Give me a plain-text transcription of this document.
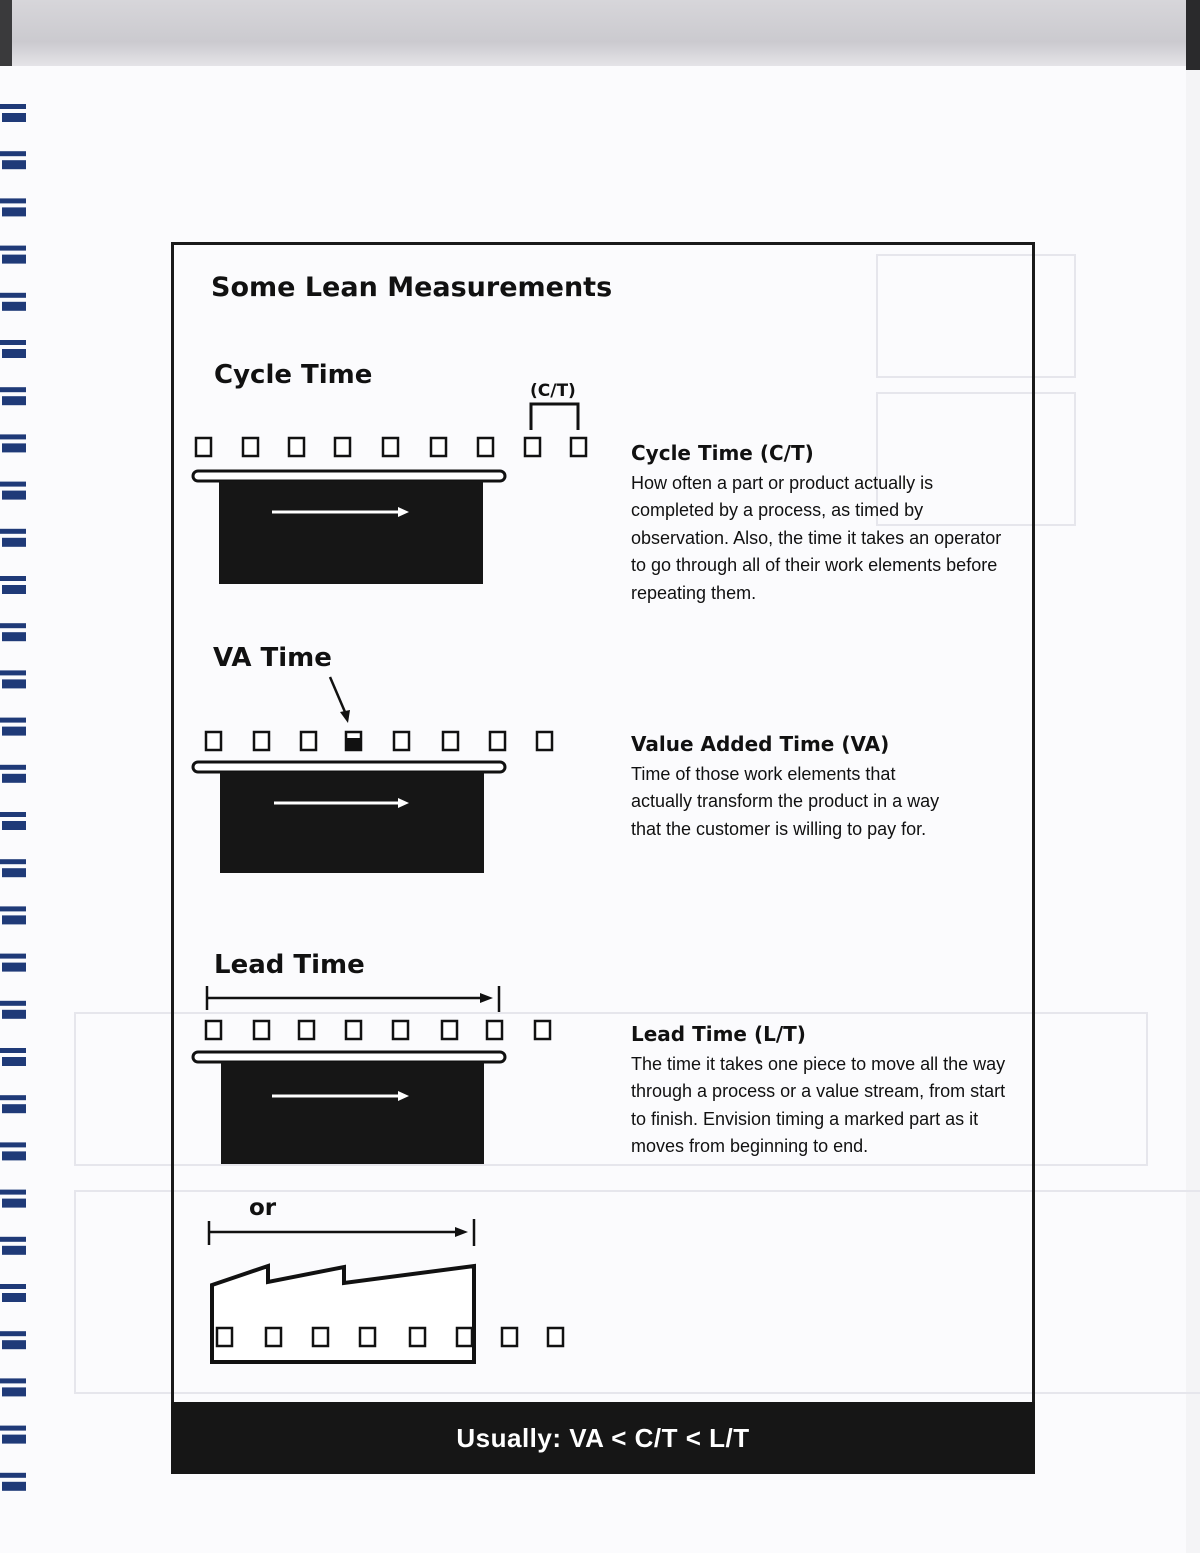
Some Lean Measurements
Cycle Time
VA Time
Lead Time
(C/T)
or
Cycle Time (C/T)

How often a part or product actually is completed by a process, as timed by observation. Also, the time it takes an operator to go through all of their work elements before repeating them.

Value Added Time (VA)

Time of those work elements that actually transform the product in a way that the customer is willing to pay for.

Lead Time (L/T)

The time it takes one piece to move all the way through a process or a value stream, from start to finish. Envision timing a marked part as it moves from beginning to end.

Usually: VA < C/T < L/T
